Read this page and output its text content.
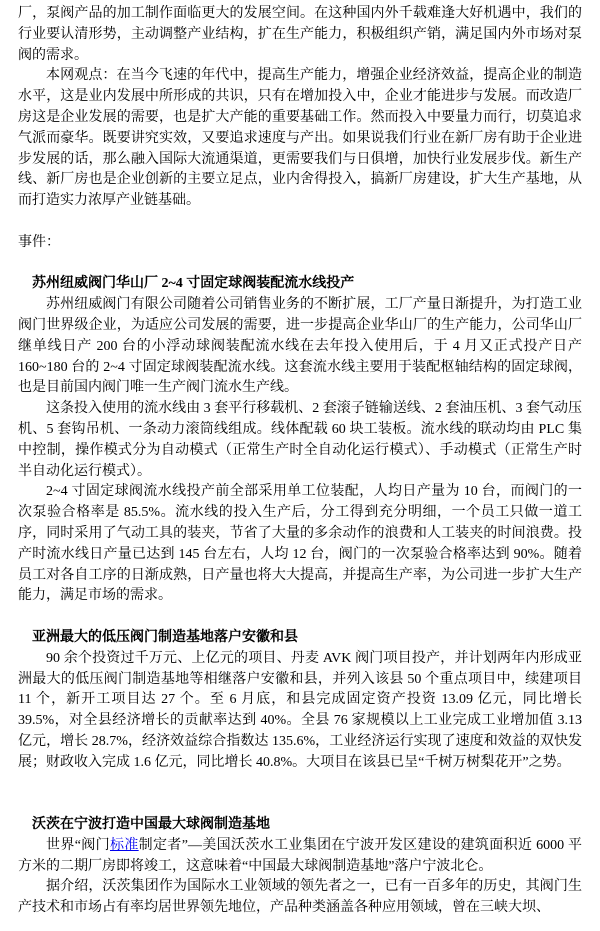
厂，泵阀产品的加工制作面临更大的发展空间。在这种国内外千载难逢大好机遇中，我们的行业要认清形势，主动调整产业结构，扩在生产能力，积极组织产销，满足国内外市场对泵阀的需求。

本网观点：在当今飞速的年代中，提高生产能力，增强企业经济效益，提高企业的制造水平，这是业内发展中所形成的共识，只有在增加投入中，企业才能进步与发展。而改造厂房这是企业发展的需要，也是扩大产能的重要基础工作。然而投入中要量力而行，切莫追求气派而豪华。既要讲究实效，又要追求速度与产出。如果说我们行业在新厂房有助于企业进步发展的话，那么融入国际大流通渠道，更需要我们与日俱增，加快行业发展步伐。新生产线、新厂房也是企业创新的主要立足点，业内舍得投入，搞新厂房建设，扩大生产基地，从而打造实力浓厚产业链基础。

事件：

苏州纽威阀门华山厂 2~4 寸固定球阀装配流水线投产

苏州纽威阀门有限公司随着公司销售业务的不断扩展，工厂产量日渐提升，为打造工业阀门世界级企业，为适应公司发展的需要，进一步提高企业华山厂的生产能力，公司华山厂继单线日产 200 台的小浮动球阀装配流水线在去年投入使用后，于 4 月又正式投产日产 160~180 台的 2~4 寸固定球阀装配流水线。这套流水线主要用于装配枢轴结构的固定球阀，也是目前国内阀门唯一生产阀门流水生产线。

这条投入使用的流水线由 3 套平行移载机、2 套滚子链输送线、2 套油压机、3 套气动压机、5 套钩吊机、一条动力滚筒线组成。线体配载 60 块工装板。流水线的联动均由 PLC 集中控制，操作模式分为自动模式（正常生产时全自动化运行模式）、手动模式（正常生产时半自动化运行模式）。

2~4 寸固定球阀流水线投产前全部采用单工位装配，人均日产量为 10 台，而阀门的一次泵验合格率是 85.5%。流水线的投入生产后，分工得到充分明细，一个员工只做一道工序，同时采用了气动工具的装夹，节省了大量的多余动作的浪费和人工装夹的时间浪费。投产时流水线日产量已达到 145 台左右，人均 12 台，阀门的一次泵验合格率达到 90%。随着员工对各自工序的日渐成熟，日产量也将大大提高，并提高生产率，为公司进一步扩大生产能力，满足市场的需求。

亚洲最大的低压阀门制造基地落户安徽和县

90 余个投资过千万元、上亿元的项目、丹麦 AVK 阀门项目投产，并计划两年内形成亚洲最大的低压阀门制造基地等相继落户安徽和县，并列入该县 50 个重点项目中，续建项目 11 个，新开工项目达 27 个。至 6 月底，和县完成固定资产投资 13.09 亿元，同比增长 39.5%，对全县经济增长的贡献率达到 40%。全县 76 家规模以上工业完成工业增加值 3.13 亿元，增长 28.7%，经济效益综合指数达 135.6%，工业经济运行实现了速度和效益的双快发展；财政收入完成 1.6 亿元，同比增长 40.8%。大项目在该县已呈“千树万树梨花开”之势。

沃茨在宁波打造中国最大球阀制造基地

世界“阀门标准制定者”—美国沃茨水工业集团在宁波开发区建设的建筑面积近 6000 平方米的二期厂房即将竣工，这意味着“中国最大球阀制造基地”落户宁波北仑。

据介绍，沃茨集团作为国际水工业领域的领先者之一，已有一百多年的历史，其阀门生产技术和市场占有率均居世界领先地位，产品种类涵盖各种应用领域，曾在三峡大坝、
